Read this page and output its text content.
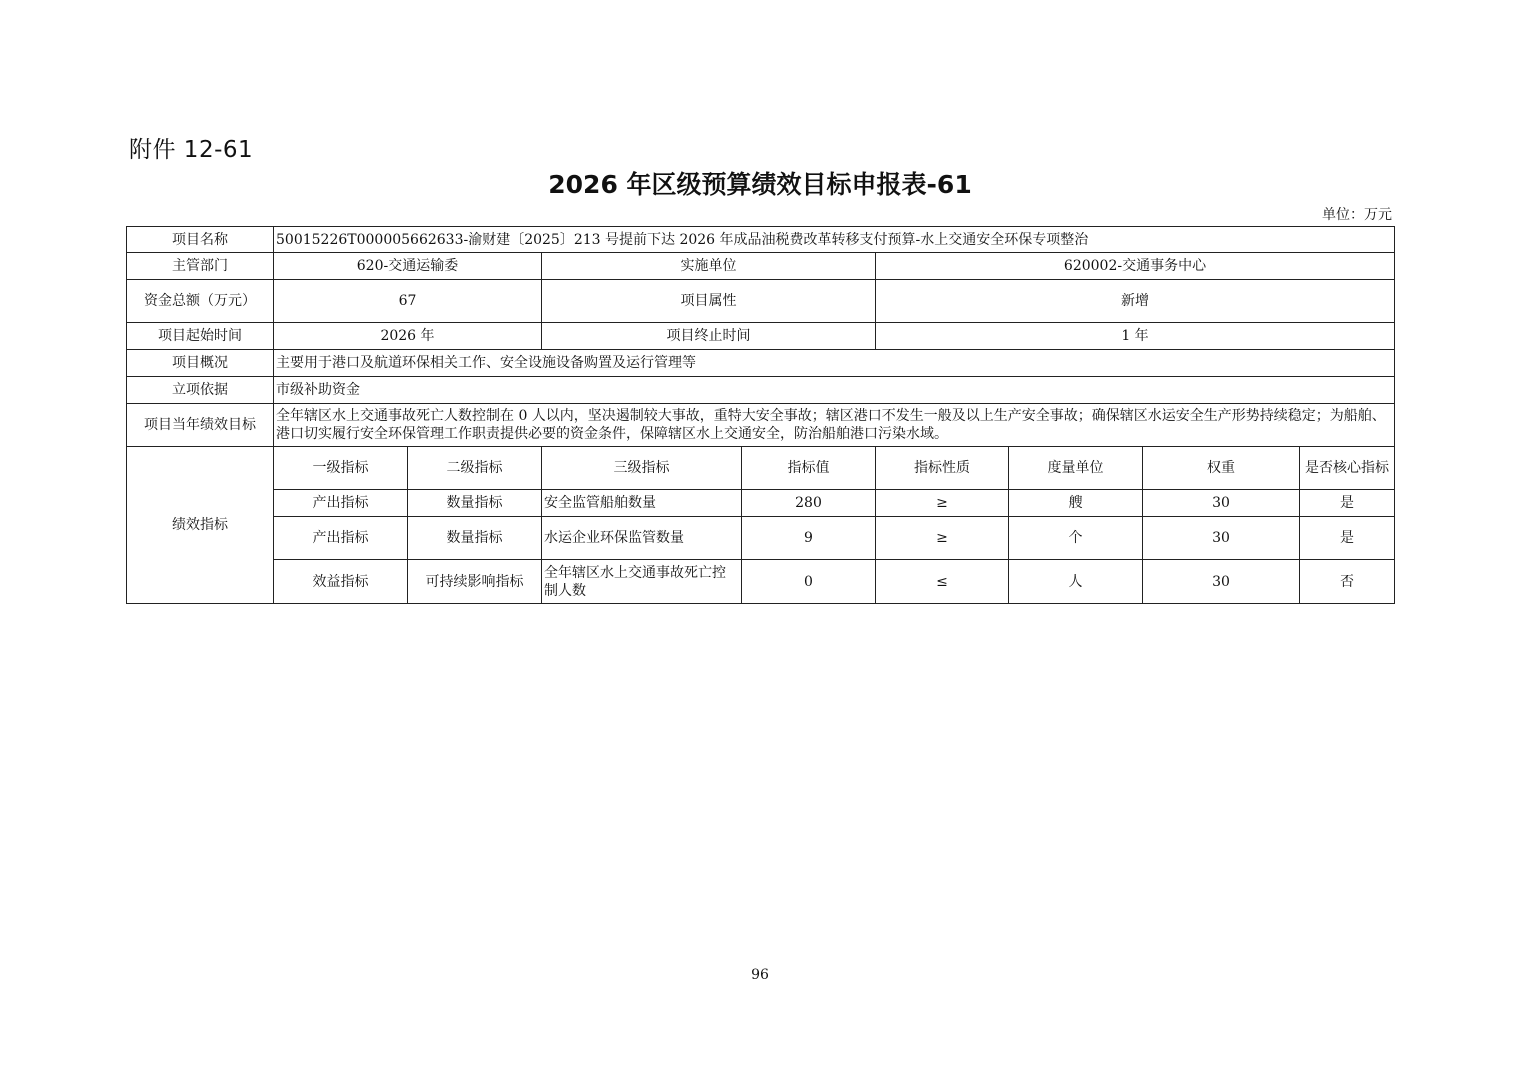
附件 12-61
2026 年区级预算绩效目标申报表-61
单位：万元
项目名称	50015226T000005662633-渝财建〔2025〕213 号提前下达 2026 年成品油税费改革转移支付预算-水上交通安全环保专项整治							
主管部门	620-交通运输委		实施单位		620002-交通事务中心			
资金总额（万元）	67		项目属性		新增			
项目起始时间	2026 年		项目终止时间		1 年			
项目概况	主要用于港口及航道环保相关工作、安全设施设备购置及运行管理等							
立项依据	市级补助资金							
项目当年绩效目标	全年辖区水上交通事故死亡人数控制在 0 人以内，坚决遏制较大事故，重特大安全事故；辖区港口不发生一般及以上生产安全事故；确保辖区水运安全生产形势持续稳定；为船舶、港口切实履行安全环保管理工作职责提供必要的资金条件，保障辖区水上交通安全，防治船舶港口污染水域。							
绩效指标	一级指标	二级指标	三级指标	指标值	指标性质	度量单位	权重	是否核心指标
	产出指标	数量指标	安全监管船舶数量	280	≥	艘	30	是
	产出指标	数量指标	水运企业环保监管数量	9	≥	个	30	是
	效益指标	可持续影响指标	全年辖区水上交通事故死亡控制人数	0	≤	人	30	否
96
